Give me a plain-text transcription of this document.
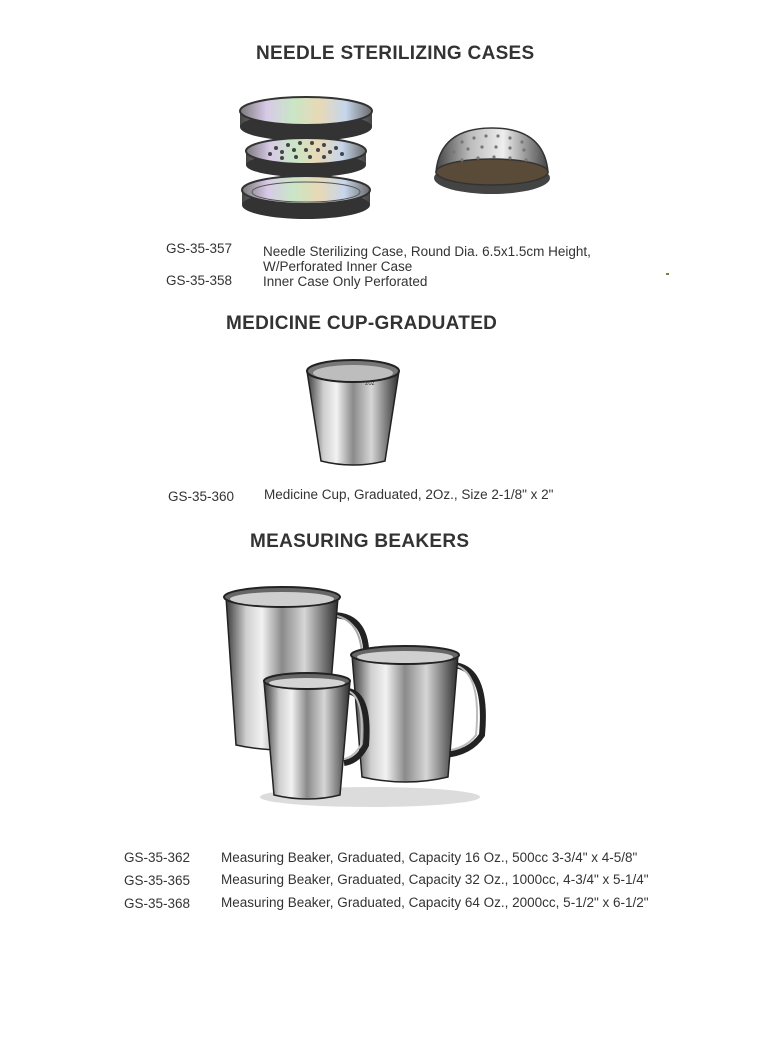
NEEDLE STERILIZING CASES
GS-35-357 Needle Sterilizing Case, Round Dia. 6.5x1.5cm Height,
W/Perforated Inner Case
GS-35-358 Inner Case Only Perforated
MEDICINE CUP-GRADUATED
2oz
GS-35-360 Medicine Cup, Graduated, 2Oz., Size 2-1/8" x 2"
MEASURING BEAKERS
GS-35-362 Measuring Beaker, Graduated, Capacity 16 Oz., 500cc 3-3/4" x 4-5/8"
GS-35-365 Measuring Beaker, Graduated, Capacity 32 Oz., 1000cc, 4-3/4" x 5-1/4"
GS-35-368 Measuring Beaker, Graduated, Capacity 64 Oz., 2000cc, 5-1/2" x 6-1/2"
